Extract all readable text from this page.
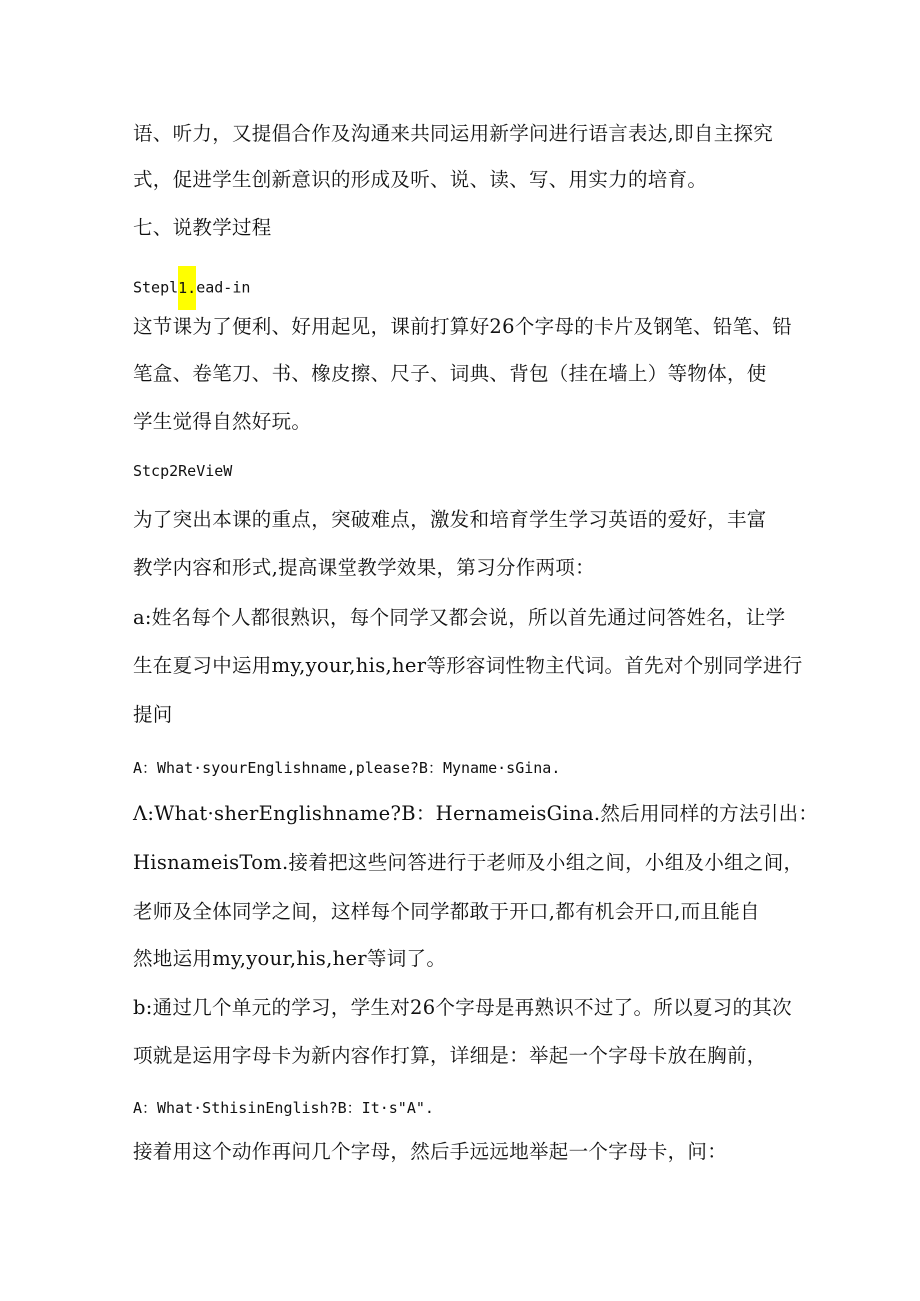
语、听力，又提倡合作及沟通来共同运用新学问进行语言表达,即自主探究
式，促进学生创新意识的形成及听、说、读、写、用实力的培育。
七、说教学过程
Stepl1.ead-in
这节课为了便利、好用起见，课前打算好26个字母的卡片及钢笔、铅笔、铅
笔盒、卷笔刀、书、橡皮擦、尺子、词典、背包（挂在墙上）等物体，使
学生觉得自然好玩。
Stcp2ReVieW
为了突出本课的重点，突破难点，激发和培育学生学习英语的爱好，丰富
教学内容和形式,提高课堂教学效果，第习分作两项：
a:姓名每个人都很熟识，每个同学又都会说，所以首先通过问答姓名，让学
生在夏习中运用my,your,his,her等形容词性物主代词。首先对个别同学进行
提问
A：What·syourEnglishname,please?B：Myname·sGina.
Λ:What·sherEnglishname?B：HernameisGina.然后用同样的方法引出：
HisnameisTom.接着把这些问答进行于老师及小组之间，小组及小组之间，
老师及全体同学之间，这样每个同学都敢于开口,都有机会开口,而且能自
然地运用my,your,his,her等词了。
b:通过几个单元的学习，学生对26个字母是再熟识不过了。所以夏习的其次
项就是运用字母卡为新内容作打算，详细是：举起一个字母卡放在胸前，
A：What·SthisinEnglish?B：It·s"A".
接着用这个动作再问几个字母，然后手远远地举起一个字母卡，问：
